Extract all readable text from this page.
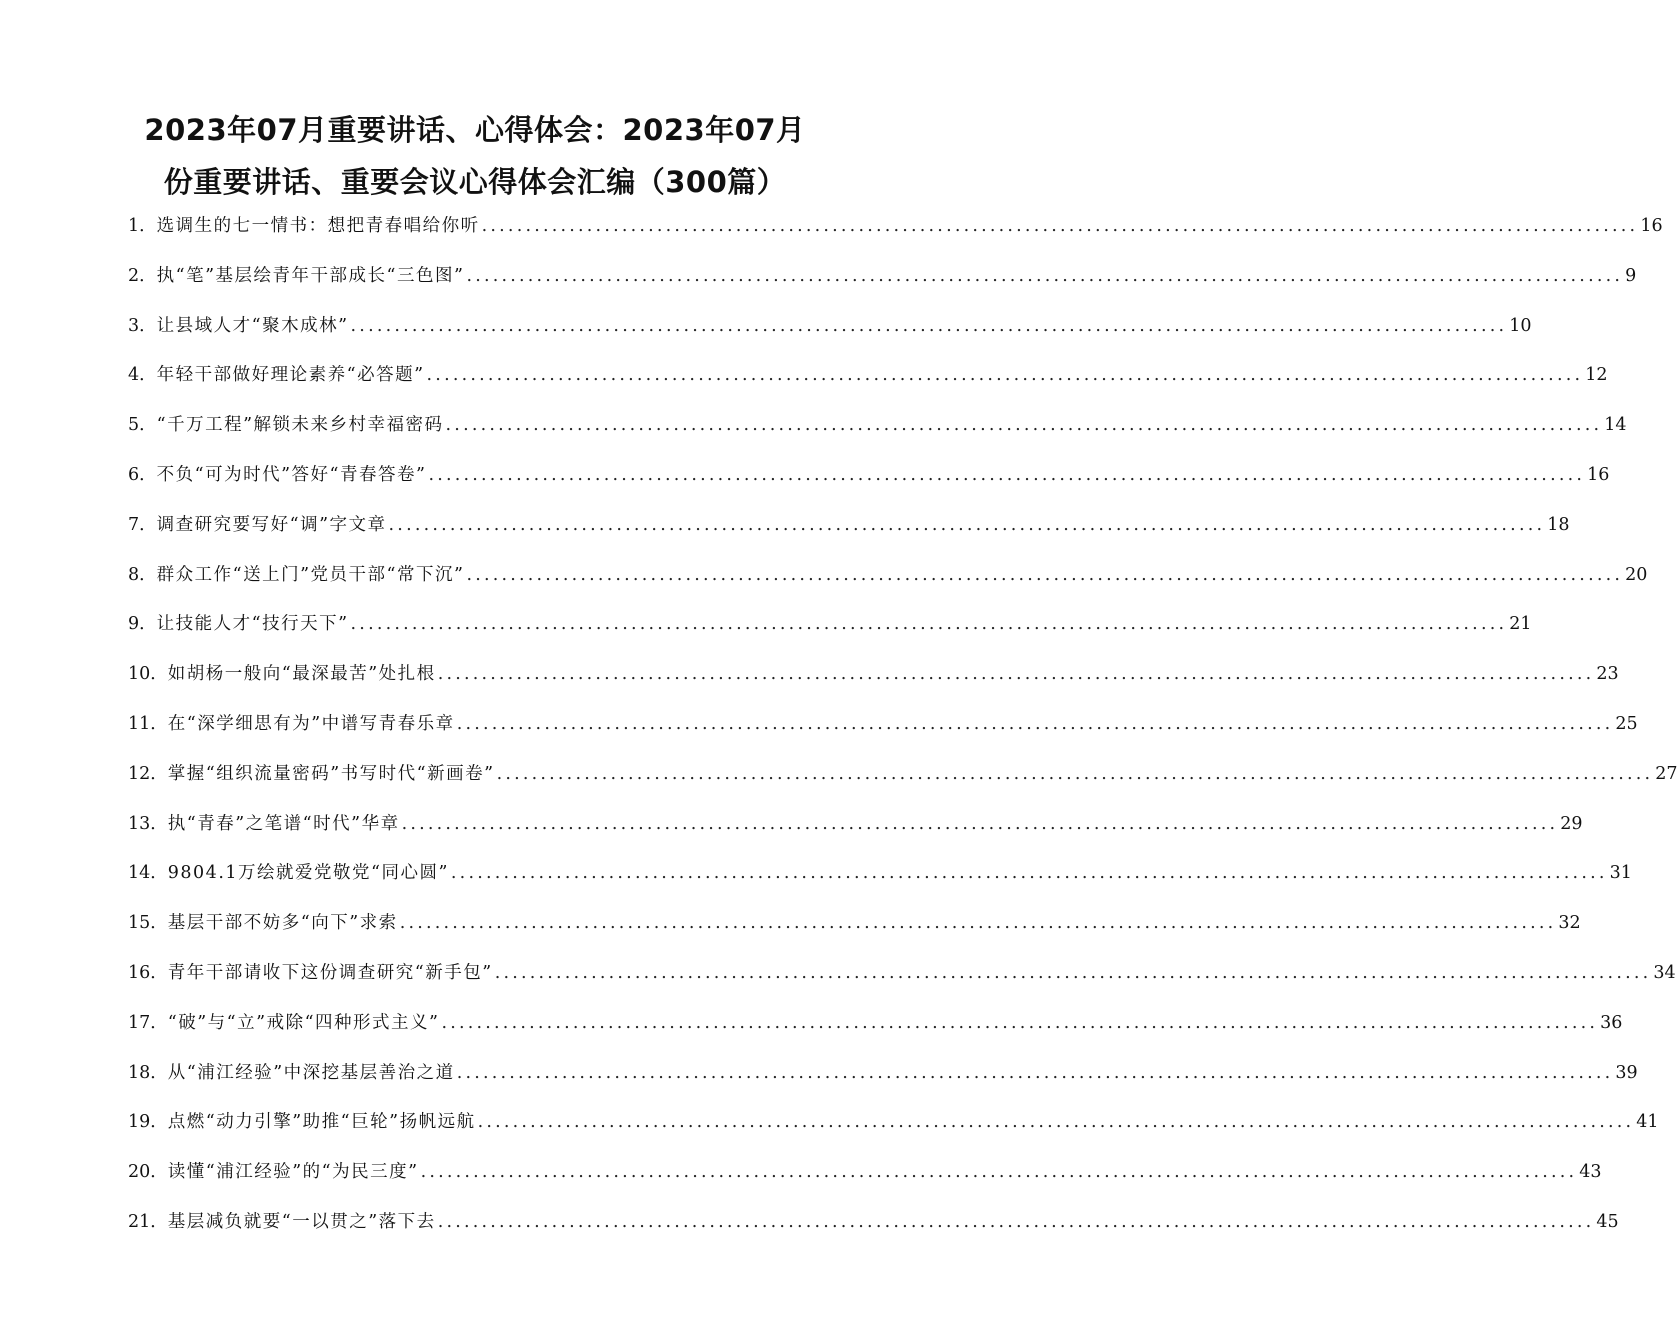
2023年07月重要讲话、心得体会：2023年07月
份重要讲话、重要会议心得体会汇编（300篇）
1． 选调生的七一情书：想把青春唱给你听 .....	16
2． 执“笔”基层绘青年干部成长“三色图” .....	9
3． 让县域人才“聚木成林” .....	10
4． 年轻干部做好理论素养“必答题” .....	12
5． “千万工程”解锁未来乡村幸福密码 .....	14
6． 不负“可为时代”答好“青春答卷” .....	16
7． 调查研究要写好“调”字文章 .....	18
8． 群众工作“送上门”党员干部“常下沉” .....	20
9． 让技能人才“技行天下” .....	21
10． 如胡杨一般向“最深最苦”处扎根 .....	23
11． 在“深学细思有为”中谱写青春乐章 .....	25
12． 掌握“组织流量密码”书写时代“新画卷” .....	27
13． 执“青春”之笔谱“时代”华章 .....	29
14． 9804.1万绘就爱党敬党“同心圆” .....	31
15． 基层干部不妨多“向下”求索 .....	32
16． 青年干部请收下这份调查研究“新手包” .....	34
17． “破”与“立”戒除“四种形式主义” .....	36
18． 从“浦江经验”中深挖基层善治之道 .....	39
19． 点燃“动力引擎”助推“巨轮”扬帆远航 .....	41
20． 读懂“浦江经验”的“为民三度” .....	43
21． 基层减负就要“一以贯之”落下去 .....	45
